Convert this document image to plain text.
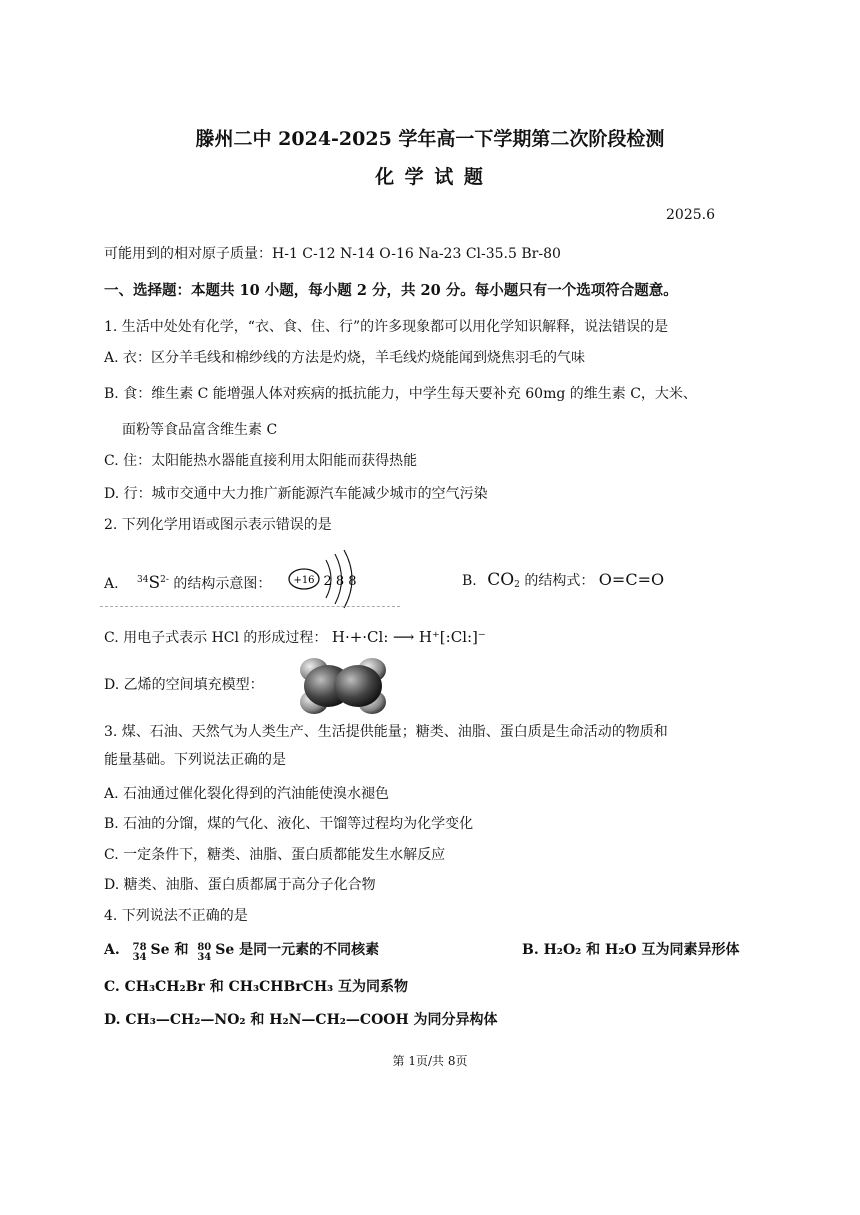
滕州二中 2024-2025 学年高一下学期第二次阶段检测
化 学 试 题
2025.6
可能用到的相对原子质量：H-1 C-12 N-14 O-16 Na-23 Cl-35.5 Br-80
一、选择题：本题共 10 小题，每小题 2 分，共 20 分。每小题只有一个选项符合题意。
1. 生活中处处有化学，“衣、食、住、行”的许多现象都可以用化学知识解释，说法错误的是
A. 衣：区分羊毛线和棉纱线的方法是灼烧，羊毛线灼烧能闻到烧焦羽毛的气味
B. 食：维生素 C 能增强人体对疾病的抵抗能力，中学生每天要补充 60mg 的维生素 C，大米、
面粉等食品富含维生素 C
C. 住：太阳能热水器能直接利用太阳能而获得热能
D. 行：城市交通中大力推广新能源汽车能减少城市的空气污染
2. 下列化学用语或图示表示错误的是
A. $^{34}S^{2-}$ 的结构示意图： +16 2 8 8	B. $CO_2$ 的结构式： O=C=O
C. 用电子式表示 HCl 的形成过程： H·+·Cl: ⟶ H⁺[:Cl:]⁻
D. 乙烯的空间填充模型：
3. 煤、石油、天然气为人类生产、生活提供能量；糖类、油脂、蛋白质是生命活动的物质和
能量基础。下列说法正确的是
A. 石油通过催化裂化得到的汽油能使溴水褪色
B. 石油的分馏，煤的气化、液化、干馏等过程均为化学变化
C. 一定条件下，糖类、油脂、蛋白质都能发生水解反应
D. 糖类、油脂、蛋白质都属于高分子化合物
4. 下列说法不正确的是
A. 78
34 Se 和 80
34 Se 是同一元素的不同核素	B. H₂O₂ 和 H₂O 互为同素异形体
C. CH₃CH₂Br 和 CH₃CHBrCH₃ 互为同系物
D. CH₃—CH₂—NO₂ 和 H₂N—CH₂—COOH 为同分异构体
第 1页/共 8页
